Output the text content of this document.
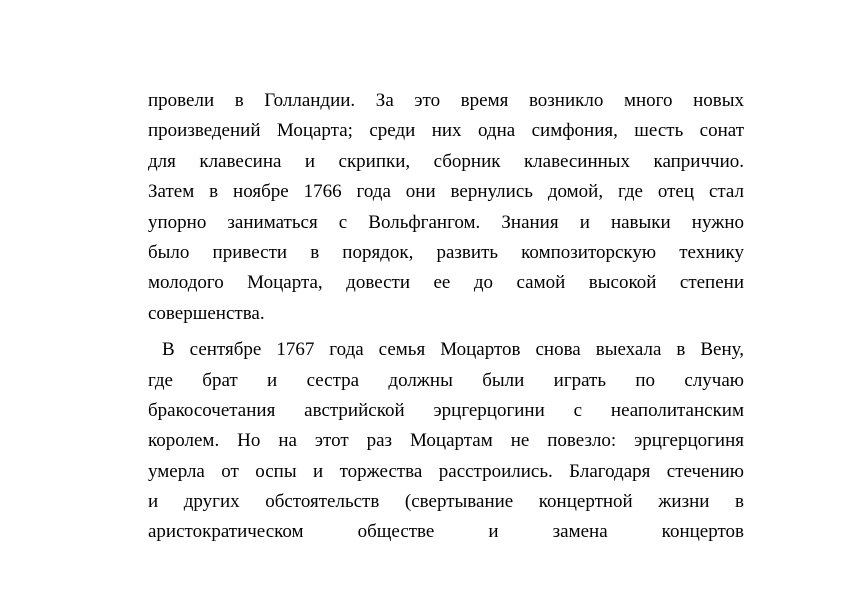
провели в Голландии. За это время возникло много новых
произведений Моцарта; среди них одна симфония, шесть сонат
для клавесина и скрипки, сборник клавесинных каприччио.
Затем в ноябре 1766 года они вернулись домой, где отец стал
упорно заниматься с Вольфгангом. Знания и навыки нужно
было привести в порядок, развить композиторскую технику
молодого Моцарта, довести ее до самой высокой степени
совершенства.
В сентябре 1767 года семья Моцартов снова выехала в Вену,
где брат и сестра должны были играть по случаю
бракосочетания австрийской эрцгерцогини с неаполитанским
королем. Но на этот раз Моцартам не повезло: эрцгерцогиня
умерла от оспы и торжества расстроились. Благодаря стечению
и других обстоятельств (свертывание концертной жизни в
аристократическом обществе и замена концертов
